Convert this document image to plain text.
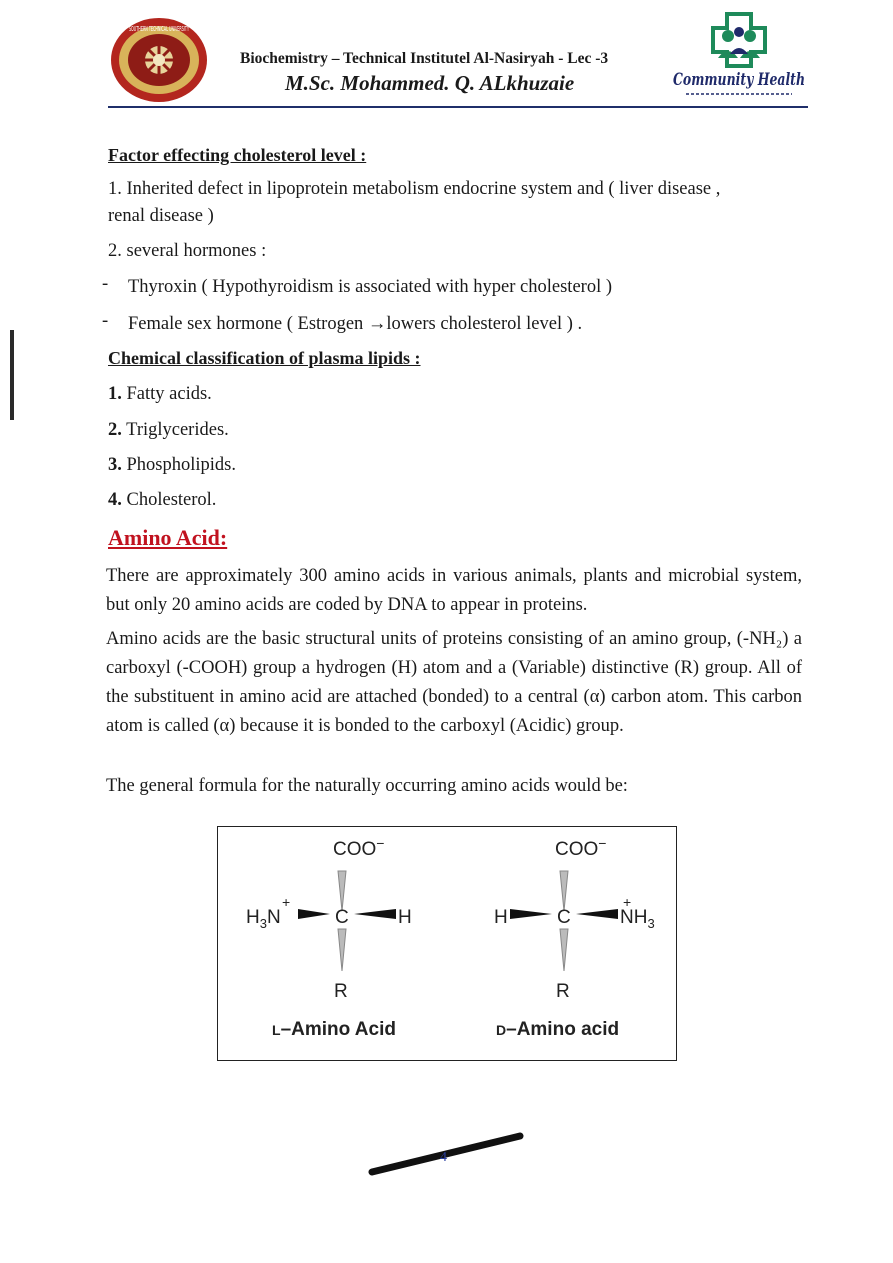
SOUTHERN TECHNICAL UNIVERSITY
Biochemistry – Technical Institutel Al-Nasiryah - Lec -3
M.Sc. Mohammed. Q. ALkhuzaie	Community Health
Factor effecting cholesterol level :
1. Inherited defect in lipoprotein metabolism endocrine system and ( liver disease ,
renal disease )
2. several hormones :
- Thyroxin ( Hypothyroidism is associated with hyper cholesterol )
- Female sex hormone ( Estrogen →lowers cholesterol level ) .
Chemical classification of plasma lipids :
1. Fatty acids.
2. Triglycerides.
3. Phospholipids.
4. Cholesterol.
Amino Acid:
There are approximately 300 amino acids in various animals, plants and microbial system, but only 20 amino acids are coded by DNA to appear in proteins.
Amino acids are the basic structural units of proteins consisting of an amino group, (-NH₂) a carboxyl (-COOH) group a hydrogen (H) atom and a (Variable) distinctive (R) group. All of the substituent in amino acid are attached (bonded) to a central (α) carbon atom. This carbon atom is called (α) because it is bonded to the carboxyl (Acidic) group.
The general formula for the naturally occurring amino acids would be:
COO−
$H_3N$
+
C	H
R
L–Amino Acid
COO−
H	C	$NH_3$
+
R
D–Amino acid
4
